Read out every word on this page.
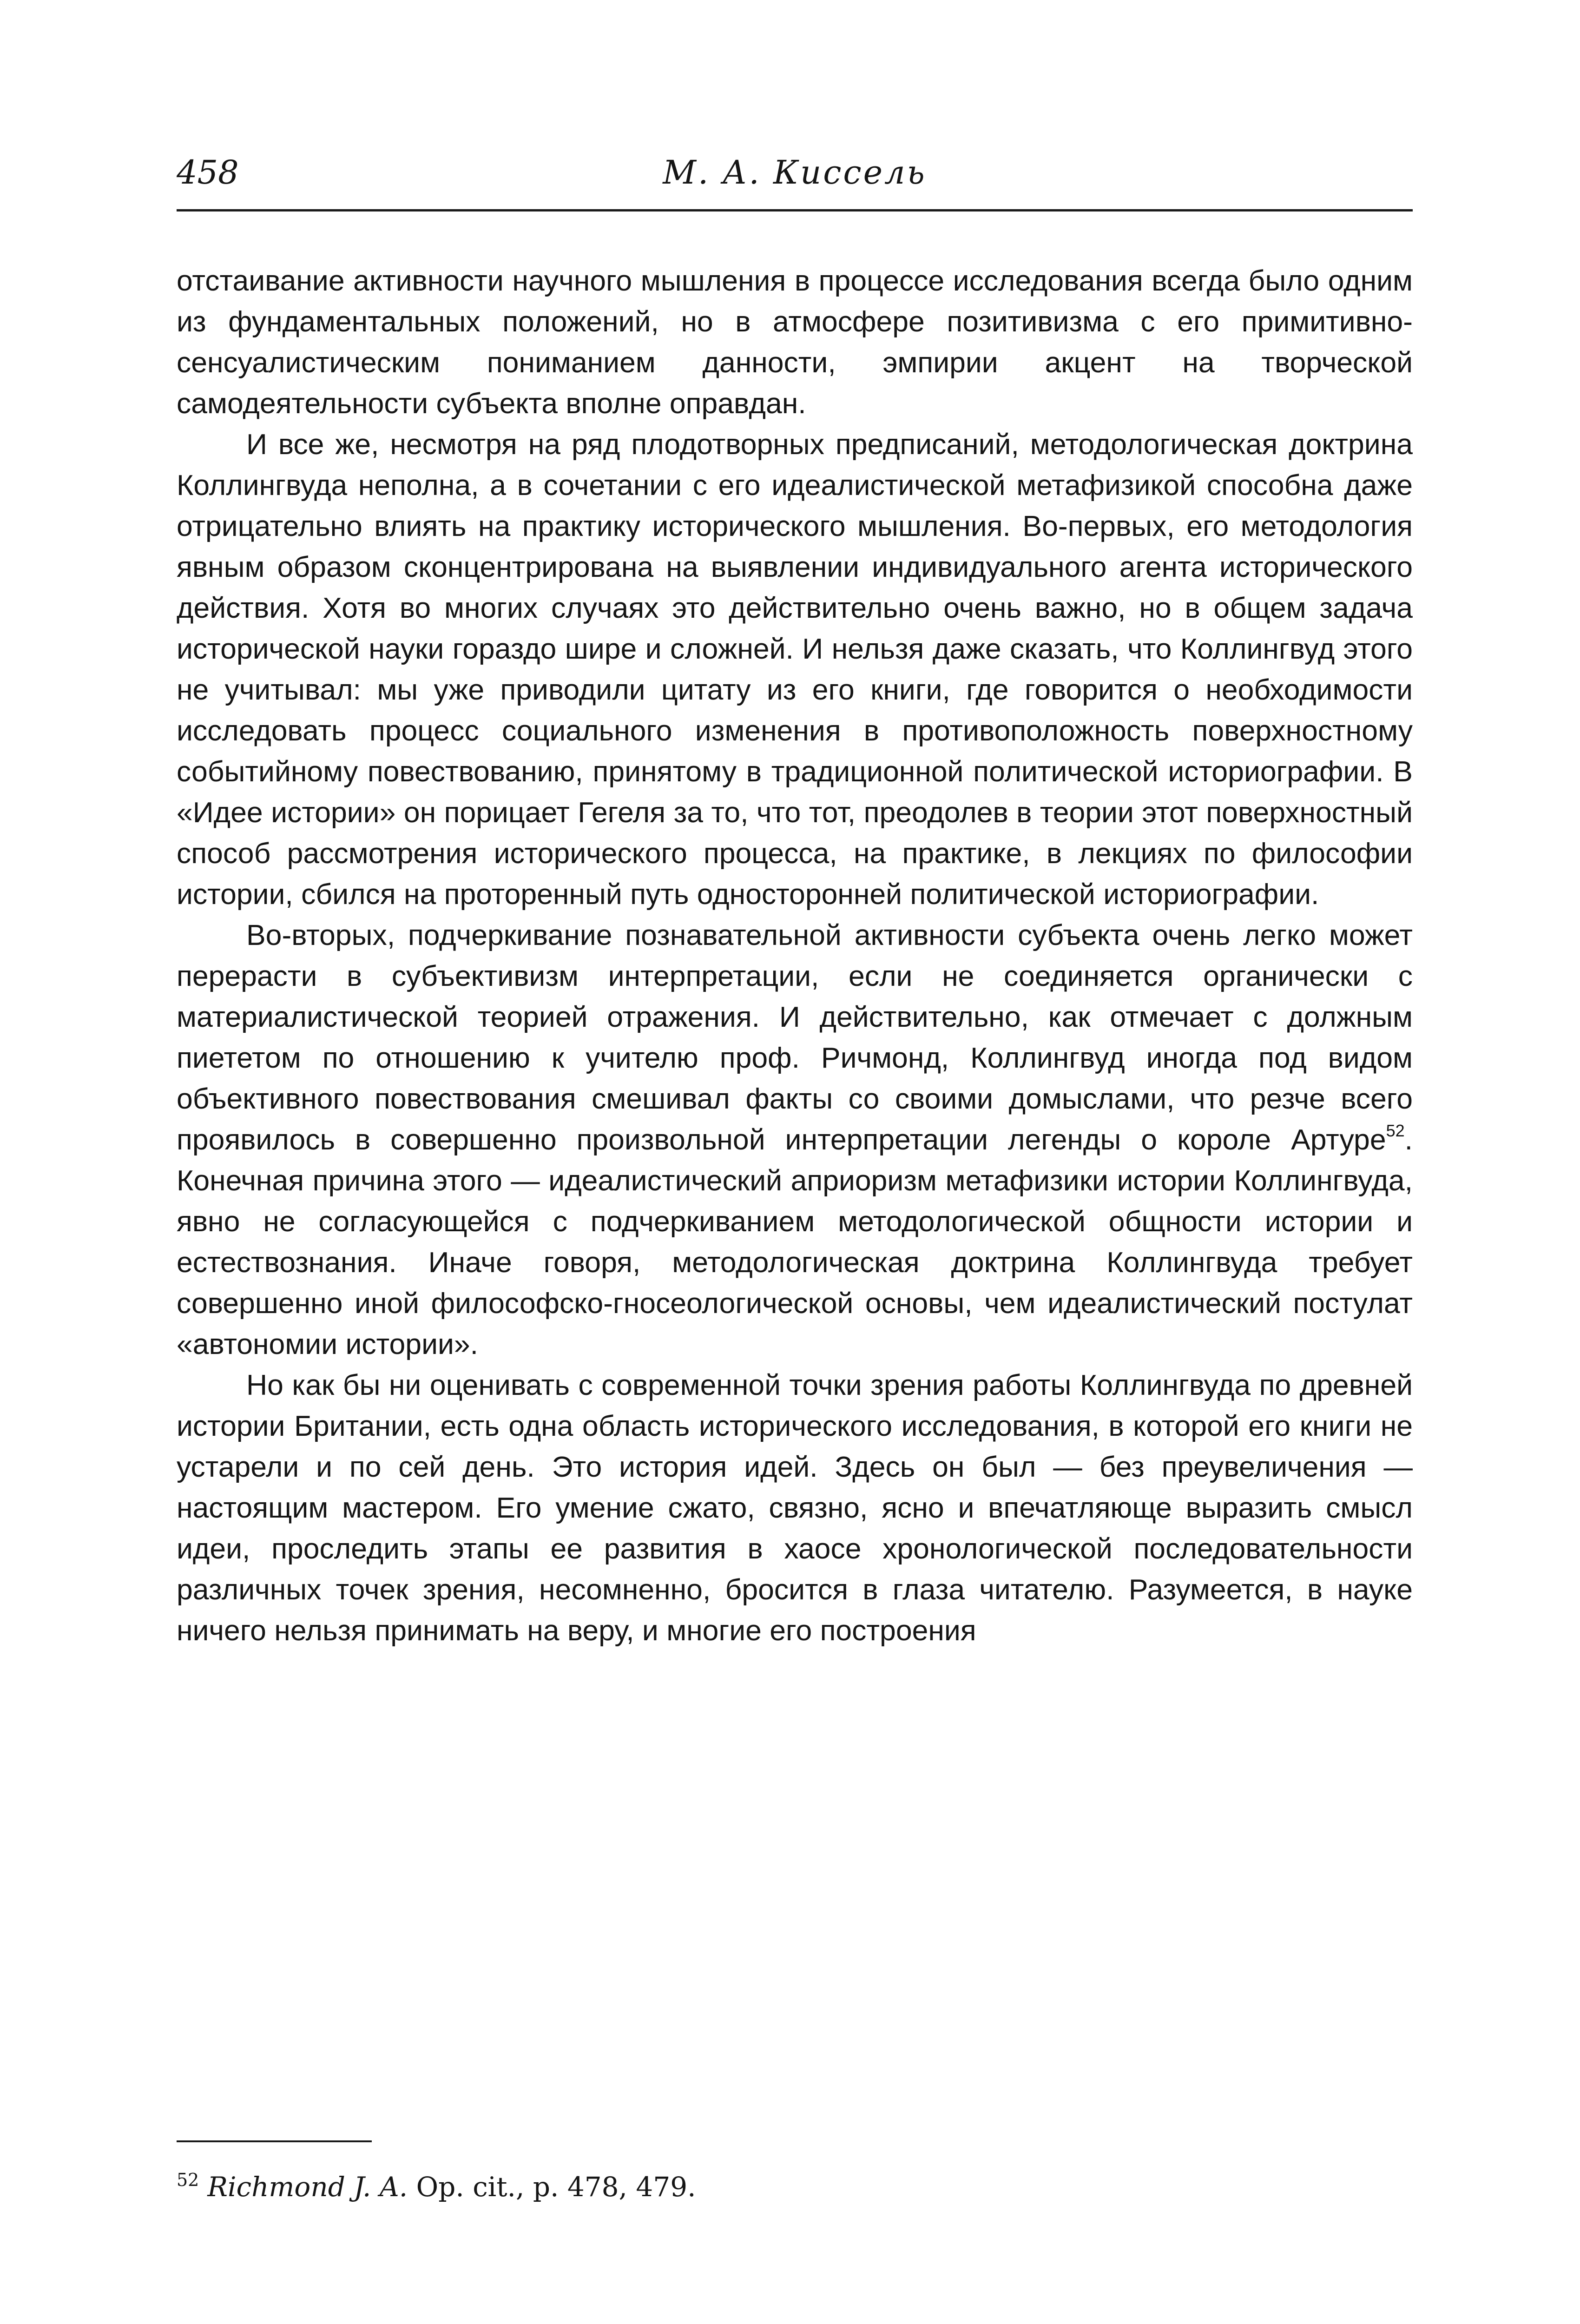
458	М. А. Киссель

отстаивание активности научного мышления в процессе исследования всегда было одним из фундаментальных положений, но в атмосфере позитивизма с его примитивно-сенсуалистическим пониманием данности, эмпирии акцент на творческой самодеятельности субъекта вполне оправдан.

И все же, несмотря на ряд плодотворных предписаний, методологическая доктрина Коллингвуда неполна, а в сочетании с его идеалистической метафизикой способна даже отрицательно влиять на практику исторического мышления. Во-первых, его методология явным образом сконцентрирована на выявлении индивидуального агента исторического действия. Хотя во многих случаях это действительно очень важно, но в общем задача исторической науки гораздо шире и сложней. И нельзя даже сказать, что Коллингвуд этого не учитывал: мы уже приводили цитату из его книги, где говорится о необходимости исследовать процесс социального изменения в противоположность поверхностному событийному повествованию, принятому в традиционной политической историографии. В «Идее истории» он порицает Гегеля за то, что тот, преодолев в теории этот поверхностный способ рассмотрения исторического процесса, на практике, в лекциях по философии истории, сбился на проторенный путь односторонней политической историографии.

Во-вторых, подчеркивание познавательной активности субъекта очень легко может перерасти в субъективизм интерпретации, если не соединяется органически с материалистической теорией отражения. И действительно, как отмечает с должным пиететом по отношению к учителю проф. Ричмонд, Коллингвуд иногда под видом объективного повествования смешивал факты со своими домыслами, что резче всего проявилось в совершенно произвольной интерпретации легенды о короле Артуре$^{52}$. Конечная причина этого — идеалистический априоризм метафизики истории Коллингвуда, явно не согласующейся с подчеркиванием методологической общности истории и естествознания. Иначе говоря, методологическая доктрина Коллингвуда требует совершенно иной философско-гносеологической основы, чем идеалистический постулат «автономии истории».

Но как бы ни оценивать с современной точки зрения работы Коллингвуда по древней истории Британии, есть одна область исторического исследования, в которой его книги не устарели и по сей день. Это история идей. Здесь он был — без преувеличения — настоящим мастером. Его умение сжато, связно, ясно и впечатляюще выразить смысл идеи, проследить этапы ее развития в хаосе хронологической последовательности различных точек зрения, несомненно, бросится в глаза читателю. Разумеется, в науке ничего нельзя принимать на веру, и многие его построения

$^{52}$ Richmond J. A. Op. cit., p. 478, 479.
